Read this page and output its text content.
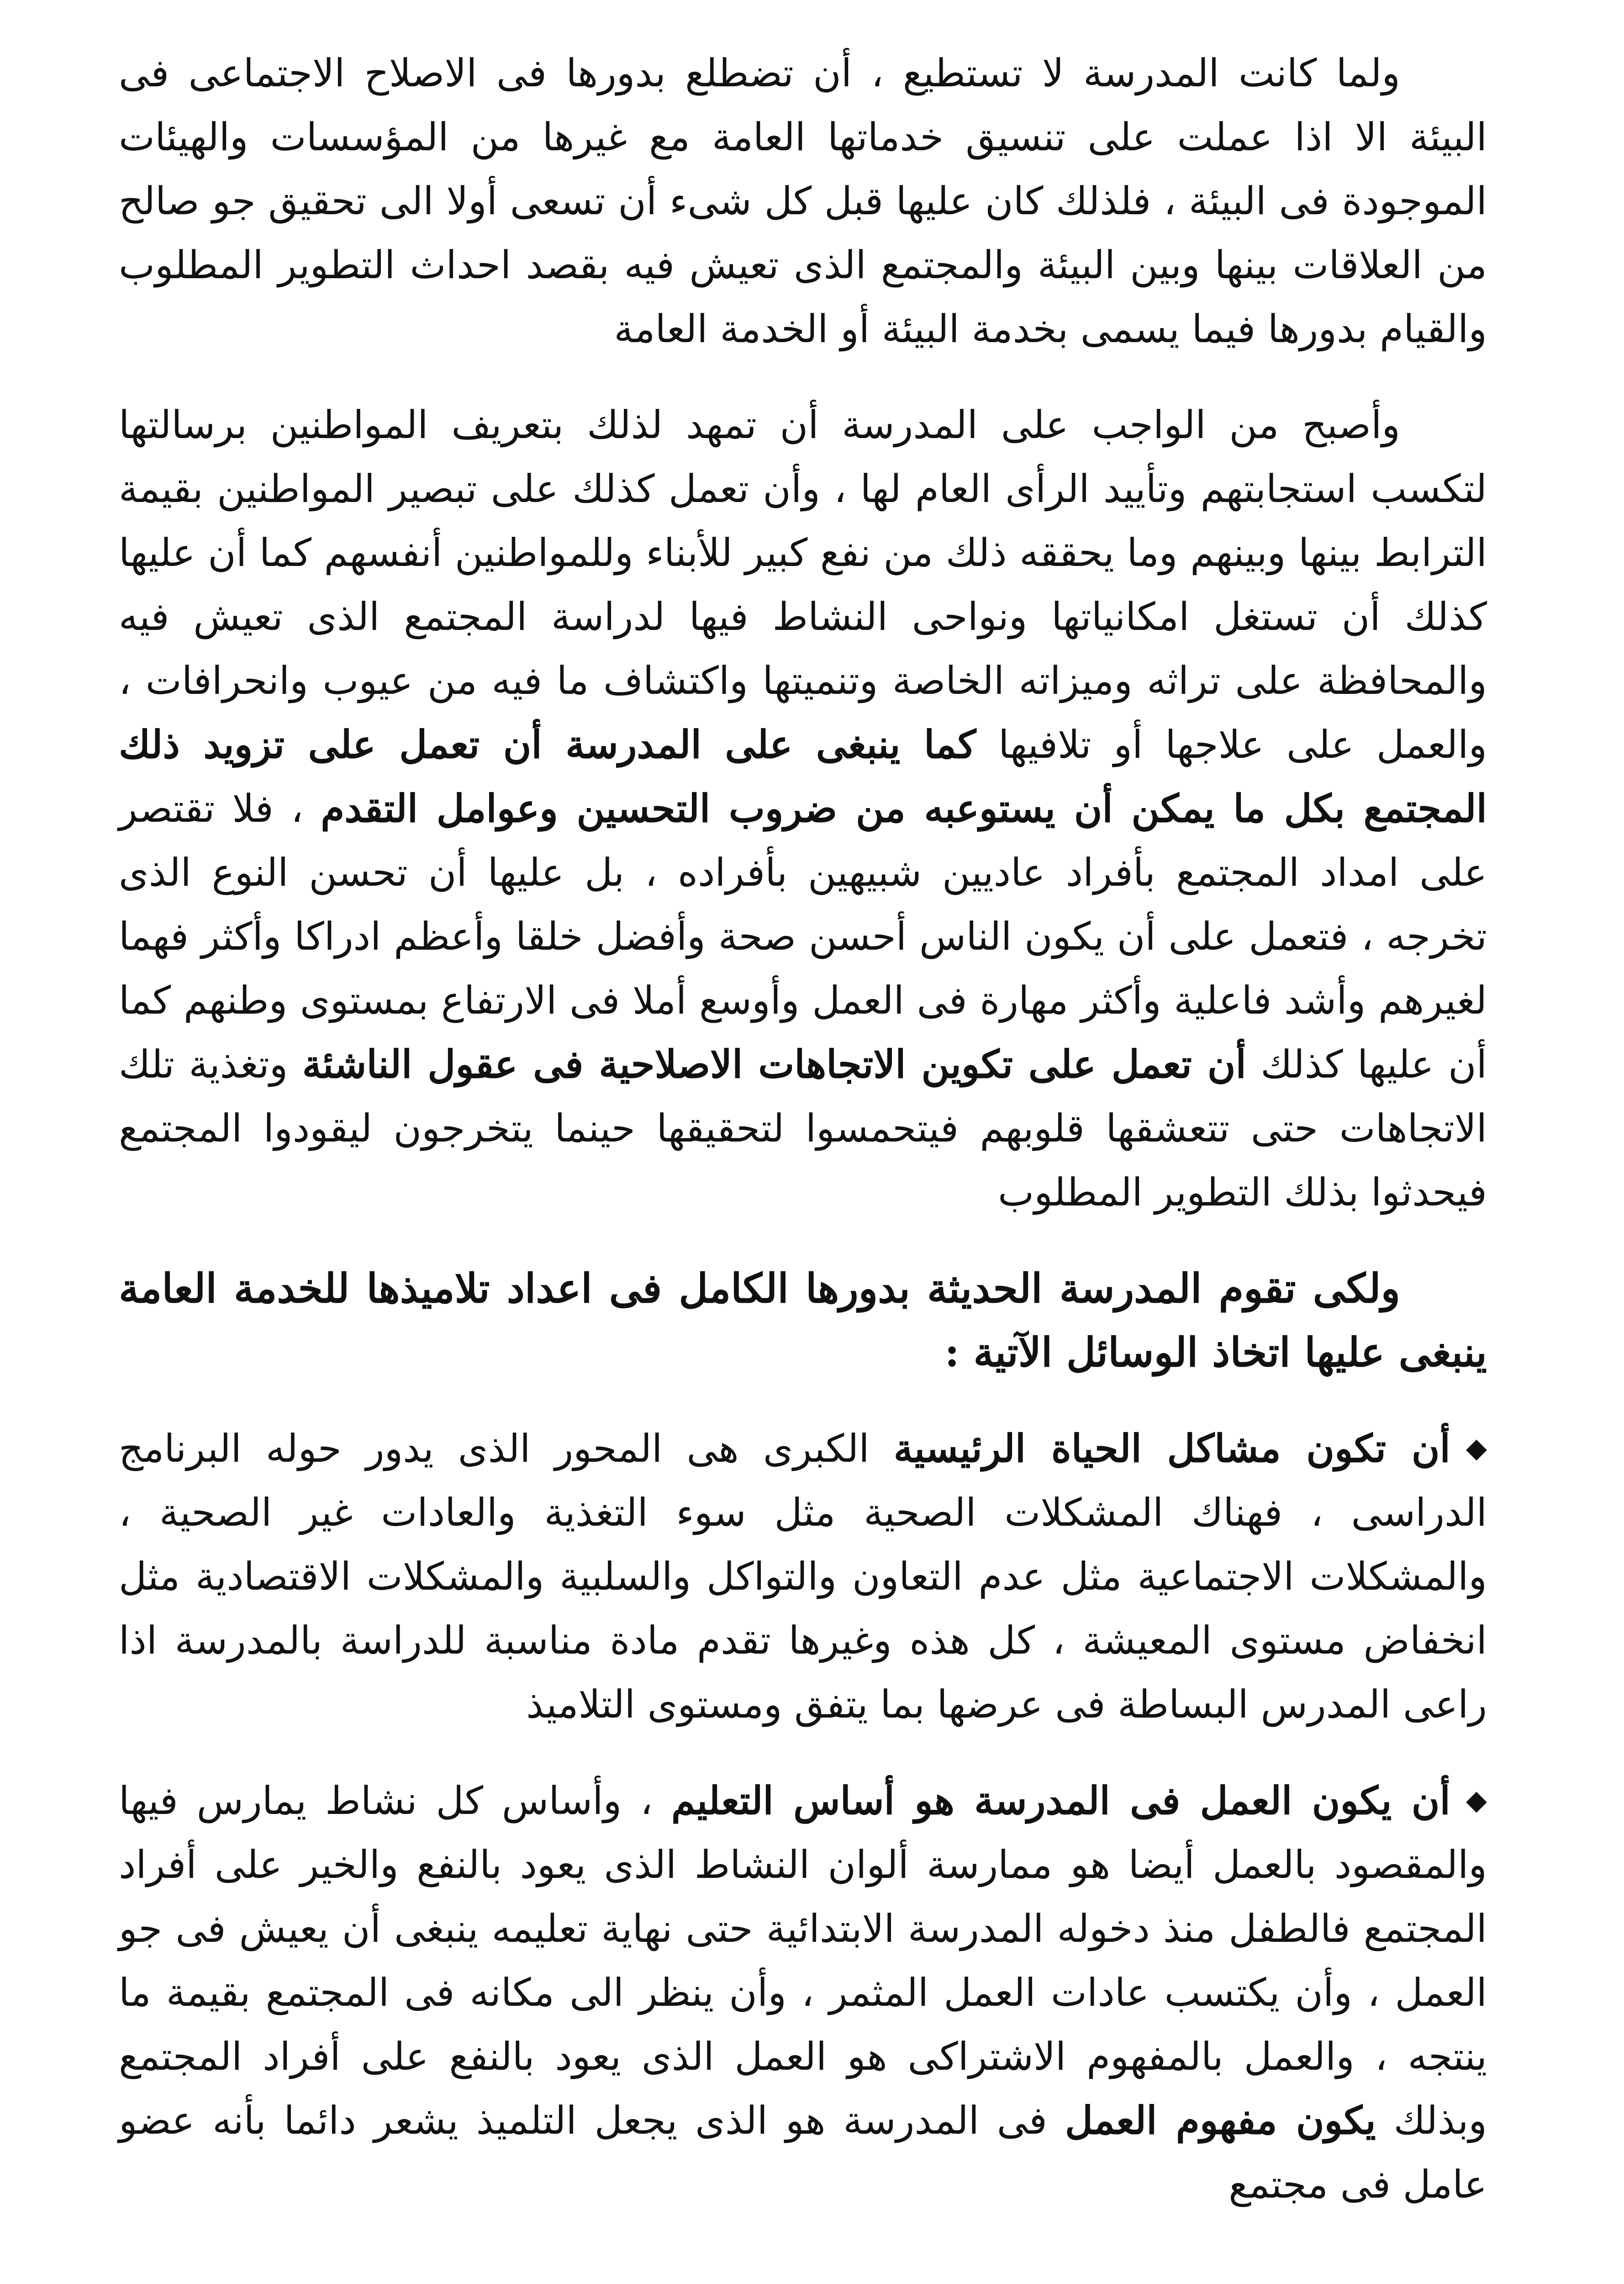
ولما كانت المدرسة لا تستطيع ، أن تضطلع بدورها فى الاصلاح الاجتماعى فى البيئة الا اذا عملت على تنسيق خدماتها العامة مع غيرها من المؤسسات والهيئات الموجودة فى البيئة ، فلذلك كان عليها قبل كل شىء أن تسعى أولا الى تحقيق جو صالح من العلاقات بينها وبين البيئة والمجتمع الذى تعيش فيه بقصد احداث التطوير المطلوب والقيام بدورها فيما يسمى بخدمة البيئة أو الخدمة العامة

وأصبح من الواجب على المدرسة أن تمهد لذلك بتعريف المواطنين برسالتها لتكسب استجابتهم وتأييد الرأى العام لها ، وأن تعمل كذلك على تبصير المواطنين بقيمة الترابط بينها وبينهم وما يحققه ذلك من نفع كبير للأبناء وللمواطنين أنفسهم كما أن عليها كذلك أن تستغل امكانياتها ونواحى النشاط فيها لدراسة المجتمع الذى تعيش فيه والمحافظة على تراثه وميزاته الخاصة وتنميتها واكتشاف ما فيه من عيوب وانحرافات ، والعمل على علاجها أو تلافيها كما ينبغى على المدرسة أن تعمل على تزويد ذلك المجتمع بكل ما يمكن أن يستوعبه من ضروب التحسين وعوامل التقدم ، فلا تقتصر على امداد المجتمع بأفراد عاديين شبيهين بأفراده ، بل عليها أن تحسن النوع الذى تخرجه ، فتعمل على أن يكون الناس أحسن صحة وأفضل خلقا وأعظم ادراكا وأكثر فهما لغيرهم وأشد فاعلية وأكثر مهارة فى العمل وأوسع أملا فى الارتفاع بمستوى وطنهم كما أن عليها كذلك أن تعمل على تكوين الاتجاهات الاصلاحية فى عقول الناشئة وتغذية تلك الاتجاهات حتى تتعشقها قلوبهم فيتحمسوا لتحقيقها حينما يتخرجون ليقودوا المجتمع فيحدثوا بذلك التطوير المطلوب

ولكى تقوم المدرسة الحديثة بدورها الكامل فى اعداد تلاميذها للخدمة العامة ينبغى عليها اتخاذ الوسائل الآتية :

◆أن تكون مشاكل الحياة الرئيسية الكبرى هى المحور الذى يدور حوله البرنامج الدراسى ، فهناك المشكلات الصحية مثل سوء التغذية والعادات غير الصحية ، والمشكلات الاجتماعية مثل عدم التعاون والتواكل والسلبية والمشكلات الاقتصادية مثل انخفاض مستوى المعيشة ، كل هذه وغيرها تقدم مادة مناسبة للدراسة بالمدرسة اذا راعى المدرس البساطة فى عرضها بما يتفق ومستوى التلاميذ

◆أن يكون العمل فى المدرسة هو أساس التعليم ، وأساس كل نشاط يمارس فيها والمقصود بالعمل أيضا هو ممارسة ألوان النشاط الذى يعود بالنفع والخير على أفراد المجتمع فالطفل منذ دخوله المدرسة الابتدائية حتى نهاية تعليمه ينبغى أن يعيش فى جو العمل ، وأن يكتسب عادات العمل المثمر ، وأن ينظر الى مكانه فى المجتمع بقيمة ما ينتجه ، والعمل بالمفهوم الاشتراكى هو العمل الذى يعود بالنفع على أفراد المجتمع وبذلك يكون مفهوم العمل فى المدرسة هو الذى يجعل التلميذ يشعر دائما بأنه عضو عامل فى مجتمع
